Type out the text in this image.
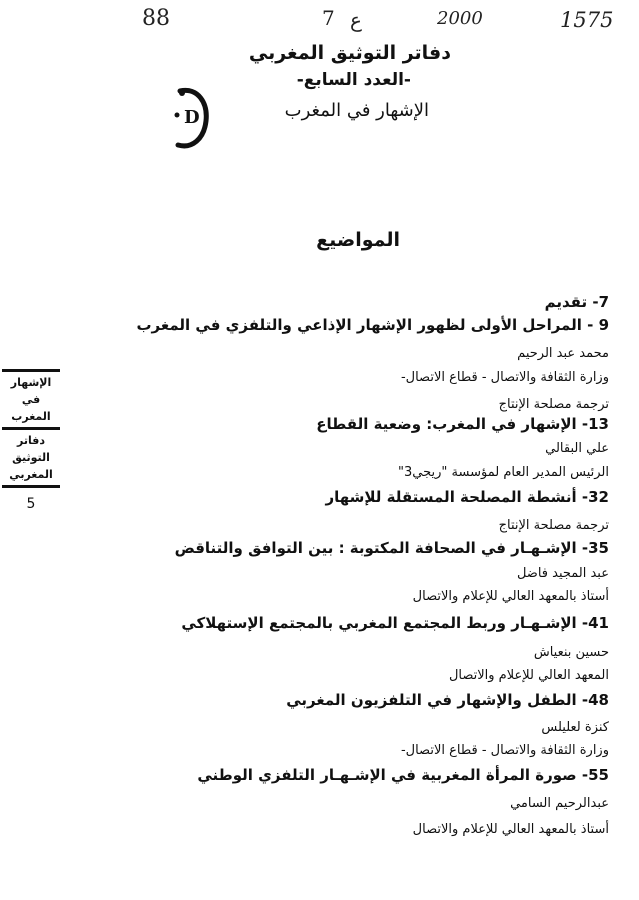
88	7 ع	2000	1575
دفاتر التوثيق المغربي
-العدد السابع-
الإشهار في المغرب
D
المواضيع
الإشهار
في المغرب
دفاتر
التوثيق
المغربي
5
7- تقديم
9 - المراحل الأولى لظهور الإشهار الإذاعي والتلفزي في المغرب
محمد عبد الرحيم
وزارة الثقافة والاتصال - قطاع الاتصال-
ترجمة مصلحة الإنتاج
13- الإشهار في المغرب: وضعية القطاع
علي البقالي
الرئيس المدير العام لمؤسسة "ريجي3"
32- أنشطة المصلحة المستقلة للإشهار
ترجمة مصلحة الإنتاج
35- الإشـهـار في الصحافة المكتوبة : بين التوافق والتناقض
عبد المجيد فاضل
أستاذ بالمعهد العالي للإعلام والاتصال
41- الإشـهـار وربط المجتمع المغربي بالمجتمع الإستهلاكي
حسين بنعياش
المعهد العالي للإعلام والاتصال
48- الطفل والإشهار في التلفزيون المغربي
كنزة لعليلس
وزارة الثقافة والاتصال - قطاع الاتصال-
55- صورة المرأة المغربية في الإشـهـار التلفزي الوطني
عبدالرحيم السامي
أستاذ بالمعهد العالي للإعلام والاتصال
